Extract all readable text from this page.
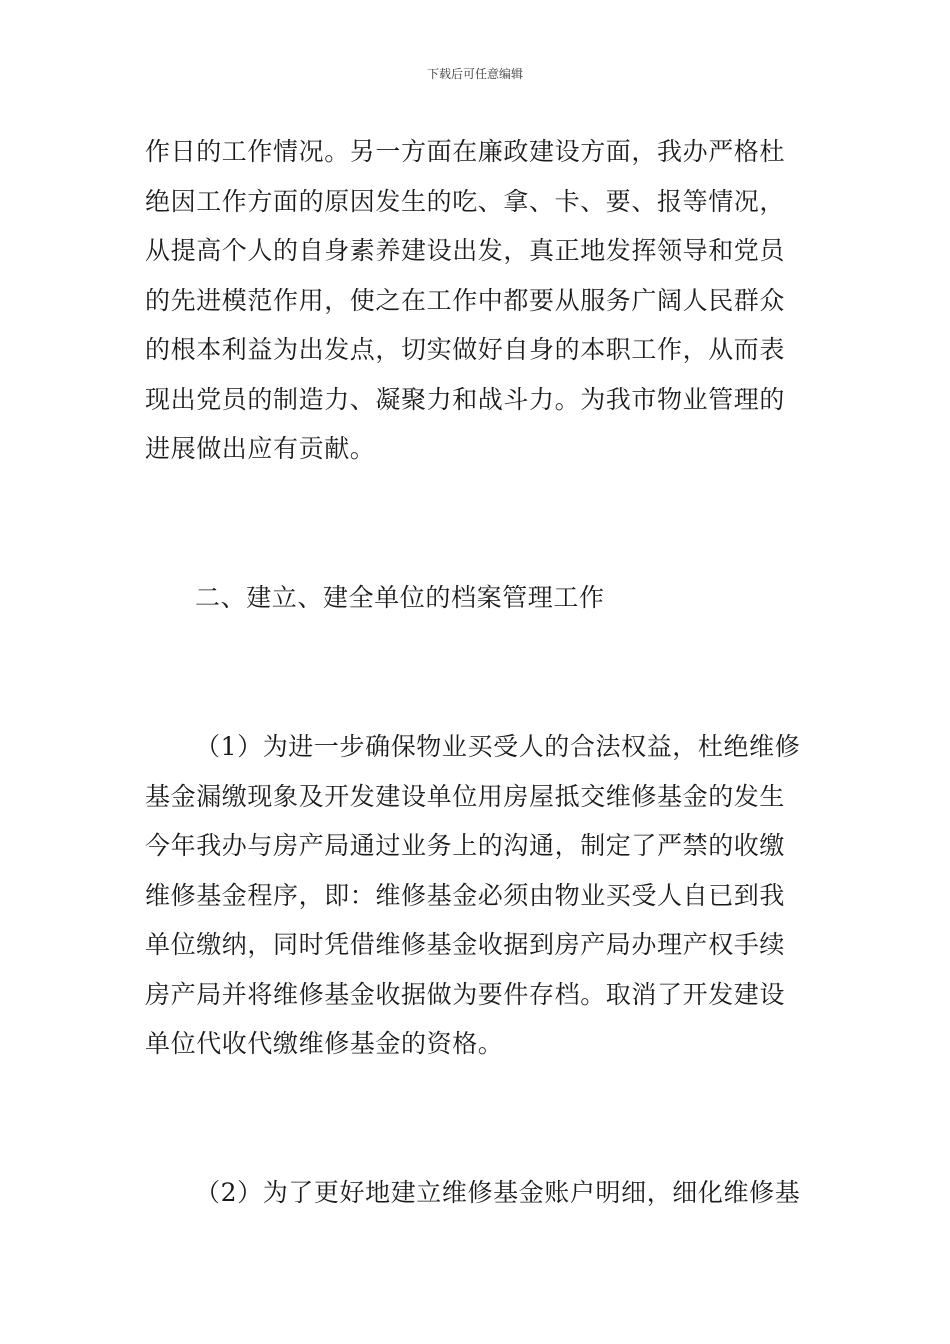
下载后可任意编辑
作日的工作情况。另一方面在廉政建设方面，我办严格杜
绝因工作方面的原因发生的吃、拿、卡、要、报等情况，
从提高个人的自身素养建设出发，真正地发挥领导和党员
的先进模范作用，使之在工作中都要从服务广阔人民群众
的根本利益为出发点，切实做好自身的本职工作，从而表
现出党员的制造力、凝聚力和战斗力。为我市物业管理的
进展做出应有贡献。
二、建立、建全单位的档案管理工作
（1）为进一步确保物业买受人的合法权益，杜绝维修
基金漏缴现象及开发建设单位用房屋抵交维修基金的发生
今年我办与房产局通过业务上的沟通，制定了严禁的收缴
维修基金程序，即：维修基金必须由物业买受人自已到我
单位缴纳，同时凭借维修基金收据到房产局办理产权手续
房产局并将维修基金收据做为要件存档。取消了开发建设
单位代收代缴维修基金的资格。
（2）为了更好地建立维修基金账户明细，细化维修基
